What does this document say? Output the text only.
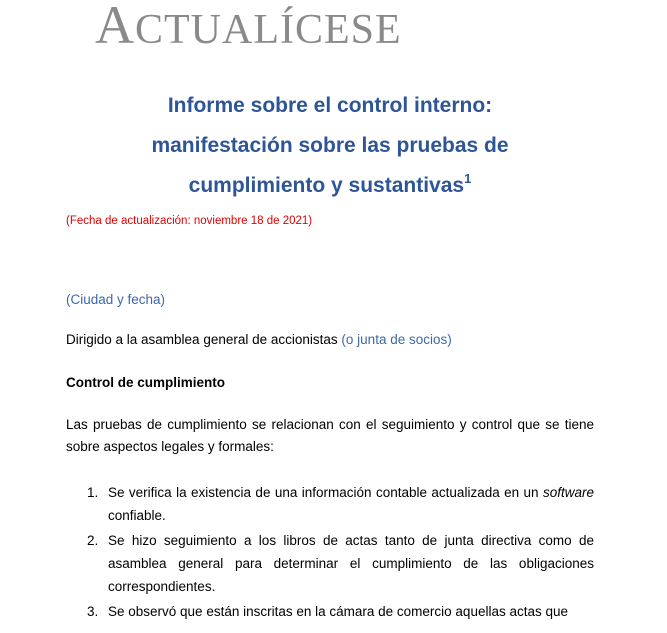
ACTUALÍCESE
Informe sobre el control interno:
manifestación sobre las pruebas de
cumplimiento y sustantivas$^1$
(Fecha de actualización: noviembre 18 de 2021)
(Ciudad y fecha)
Dirigido a la asamblea general de accionistas (o junta de socios)
Control de cumplimiento

Las pruebas de cumplimiento se relacionan con el seguimiento y control que se tiene sobre aspectos legales y formales:

1. Se verifica la existencia de una información contable actualizada en un software confiable.
2. Se hizo seguimiento a los libros de actas tanto de junta directiva como de asamblea general para determinar el cumplimiento de las obligaciones correspondientes.
3. Se observó que están inscritas en la cámara de comercio aquellas actas que
